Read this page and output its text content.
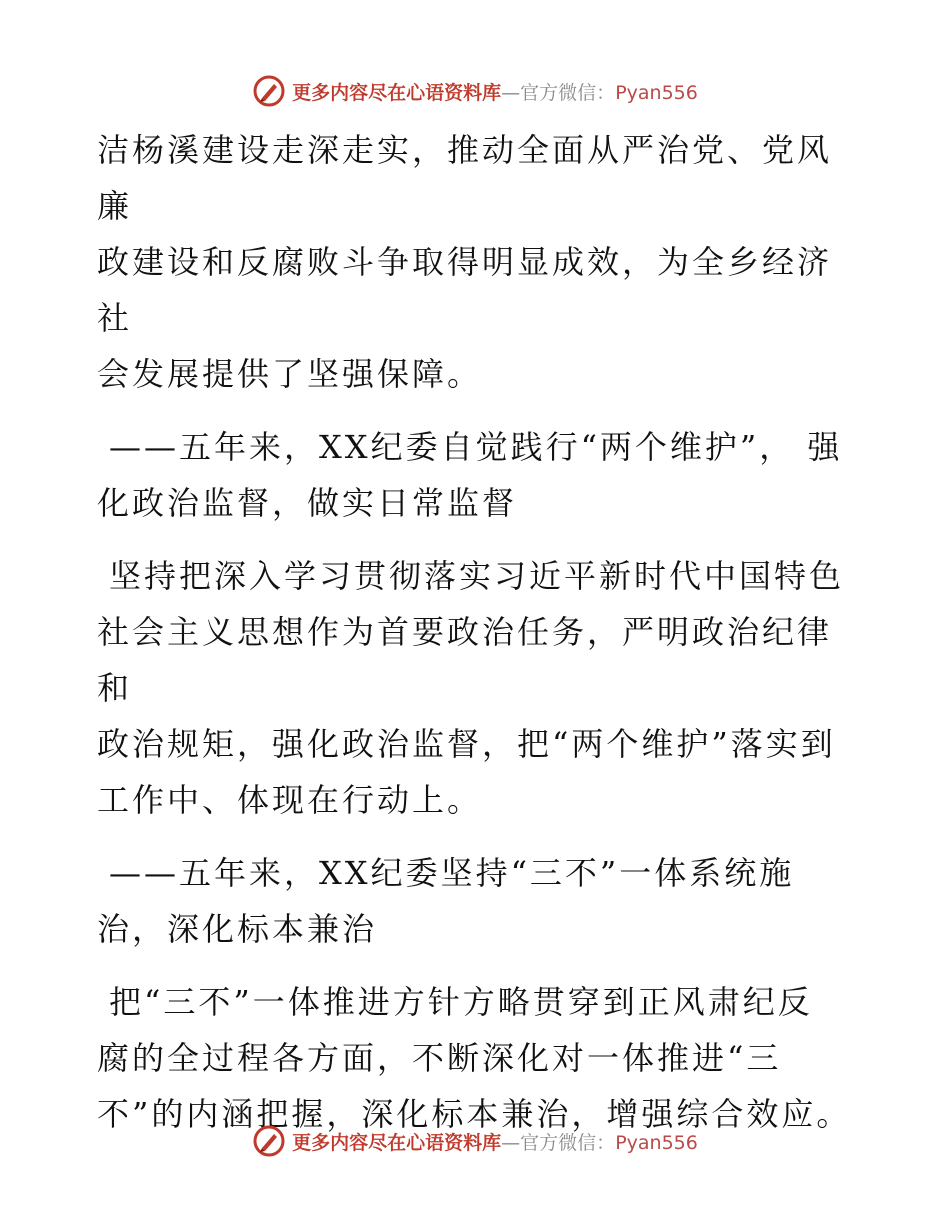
更多内容尽在心语资料库—官方微信：Pyan556
洁杨溪建设走深走实，推动全面从严治党、党风廉
政建设和反腐败斗争取得明显成效，为全乡经济社
会发展提供了坚强保障。
——五年来，XX纪委自觉践行“两个维护”， 强
化政治监督，做实日常监督
坚持把深入学习贯彻落实习近平新时代中国特色
社会主义思想作为首要政治任务，严明政治纪律和
政治规矩，强化政治监督，把“两个维护”落实到
工作中、体现在行动上。
——五年来，XX纪委坚持“三不”一体系统施
治，深化标本兼治
把“三不”一体推进方针方略贯穿到正风肃纪反
腐的全过程各方面，不断深化对一体推进“三
不”的内涵把握，深化标本兼治，增强综合效应。
更多内容尽在心语资料库—官方微信：Pyan556
